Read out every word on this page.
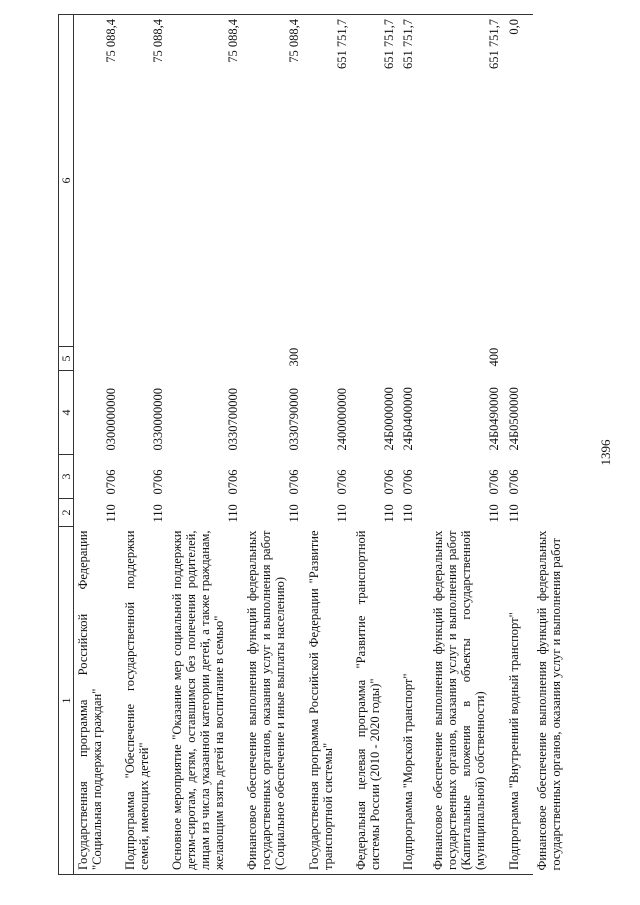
1	2	3	4	5	6
Государственная программа Российской Федерации "Социальная поддержка граждан"	110	0706	0300000000		75 088,4

Подпрограмма "Обеспечение государственной поддержки семей, имеющих детей"	110	0706	0330000000		75 088,4

Основное мероприятие "Оказание мер социальной поддержки детям-сиротам, детям, оставшимся без попечения родителей, лицам из числа указанной категории детей, а также гражданам, желающим взять детей на воспитание в семью"	110	0706	0330700000		75 088,4

Финансовое обеспечение выполнения функций федеральных государственных органов, оказания услуг и выполнения работ (Социальное обеспечение и иные выплаты населению)	110	0706	0330790000	300	75 088,4

Государственная программа Российской Федерации "Развитие транспортной системы"	110	0706	2400000000		651 751,7

Федеральная целевая программа "Развитие транспортной системы России (2010 - 2020 годы)"	110	0706	24Б0000000		651 751,7

Подпрограмма "Морской транспорт"	110	0706	24Б0400000		651 751,7

Финансовое обеспечение выполнения функций федеральных государственных органов, оказания услуг и выполнения работ (Капитальные вложения в объекты государственной (муниципальной) собственности)	110	0706	24Б0490000	400	651 751,7

Подпрограмма "Внутренний водный транспорт"	110	0706	24Б0500000		0,0

Финансовое обеспечение выполнения функций федеральных государственных органов, оказания услуг и выполнения работ	

1396
